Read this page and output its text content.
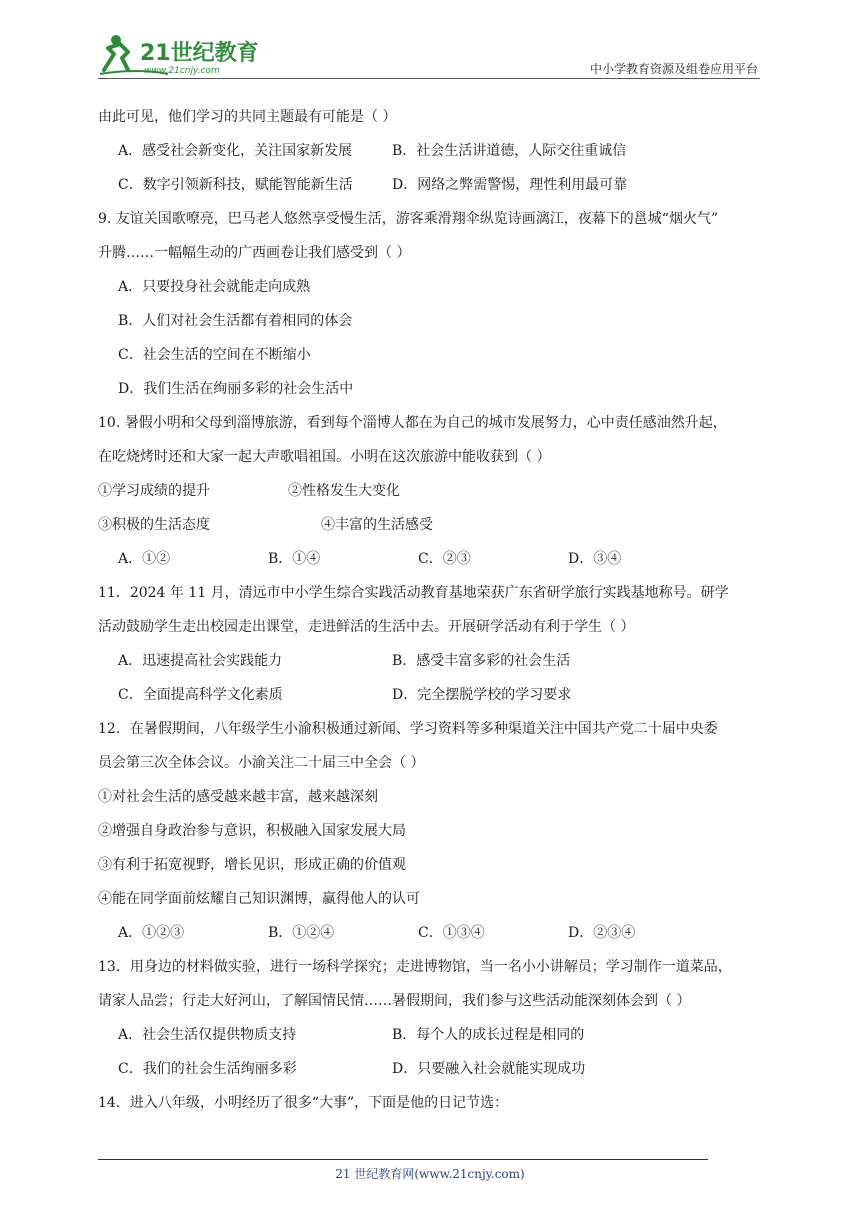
21世纪教育
www.21cnjy.com	中小学教育资源及组卷应用平台
由此可见，他们学习的共同主题最有可能是（ ）
A．感受社会新变化，关注国家新发展	B．社会生活讲道德，人际交往重诚信
C．数字引领新科技，赋能智能新生活	D．网络之弊需警惕，理性利用最可靠
9. 友谊关国歌嘹亮，巴马老人悠然享受慢生活，游客乘滑翔伞纵览诗画漓江，夜幕下的邕城“烟火气”
升腾……一幅幅生动的广西画卷让我们感受到（ ）
A．只要投身社会就能走向成熟
B．人们对社会生活都有着相同的体会
C．社会生活的空间在不断缩小
D．我们生活在绚丽多彩的社会生活中
10. 暑假小明和父母到淄博旅游，看到每个淄博人都在为自己的城市发展努力，心中责任感油然升起，
在吃烧烤时还和大家一起大声歌唱祖国。小明在这次旅游中能收获到（ ）
①学习成绩的提升	②性格发生大变化
③积极的生活态度	④丰富的生活感受
A．①②	B．①④	C．②③	D．③④
11．2024 年 11 月，清远市中小学生综合实践活动教育基地荣获广东省研学旅行实践基地称号。研学
活动鼓励学生走出校园走出课堂，走进鲜活的生活中去。开展研学活动有利于学生（ ）
A．迅速提高社会实践能力	B．感受丰富多彩的社会生活
C．全面提高科学文化素质	D．完全摆脱学校的学习要求
12．在暑假期间，八年级学生小渝积极通过新闻、学习资料等多种渠道关注中国共产党二十届中央委
员会第三次全体会议。小渝关注二十届三中全会（ ）
①对社会生活的感受越来越丰富，越来越深刻
②增强自身政治参与意识，积极融入国家发展大局
③有利于拓宽视野，增长见识，形成正确的价值观
④能在同学面前炫耀自己知识渊博，赢得他人的认可
A．①②③	B．①②④	C．①③④	D．②③④
13．用身边的材料做实验，进行一场科学探究；走进博物馆，当一名小小讲解员；学习制作一道菜品，
请家人品尝；行走大好河山，了解国情民情……暑假期间，我们参与这些活动能深刻体会到（ ）
A．社会生活仅提供物质支持	B．每个人的成长过程是相同的
C．我们的社会生活绚丽多彩	D．只要融入社会就能实现成功
14．进入八年级，小明经历了很多“大事”，下面是他的日记节选：
21 世纪教育网(www.21cnjy.com)
